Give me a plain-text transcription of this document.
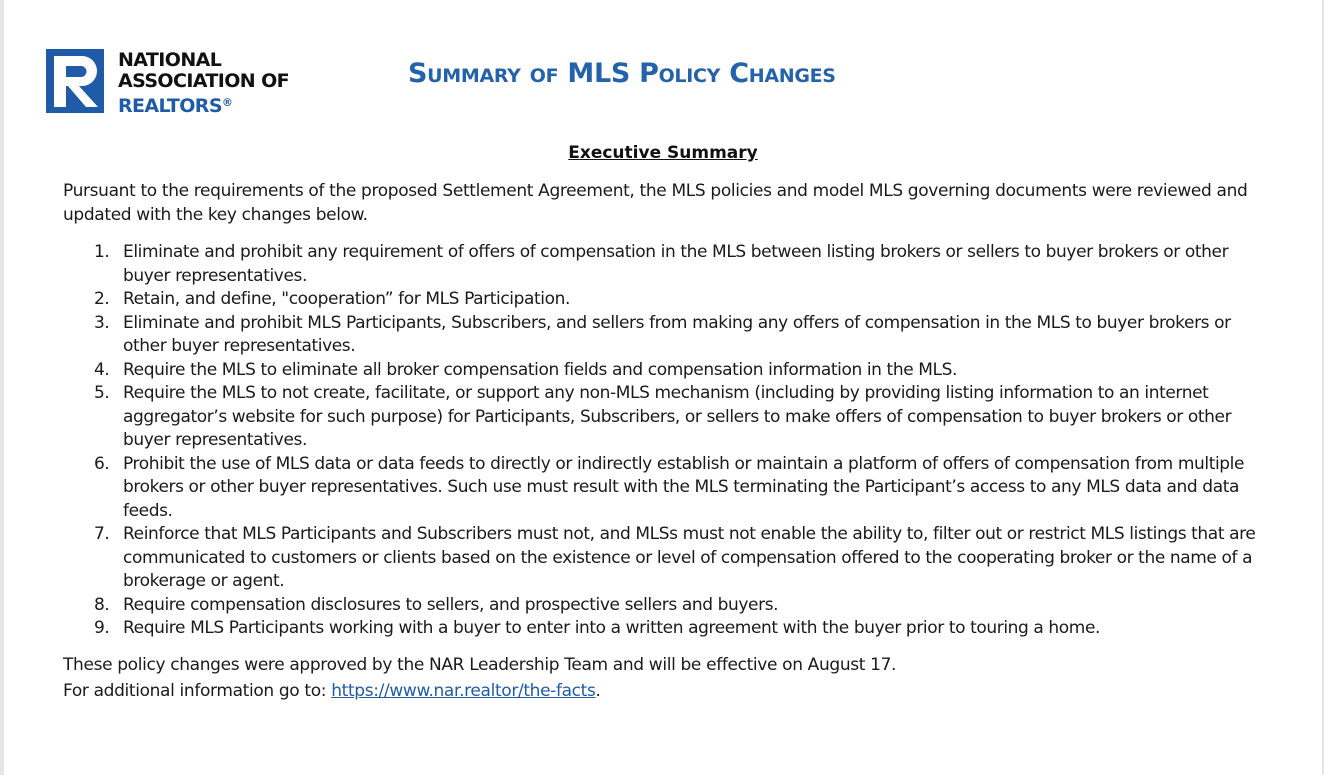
NATIONAL
ASSOCIATION OF
REALTORS®
Summary of MLS Policy Changes
Executive Summary

Pursuant to the requirements of the proposed Settlement Agreement, the MLS policies and model MLS governing documents were reviewed and updated with the key changes below.

1. Eliminate and prohibit any requirement of offers of compensation in the MLS between listing brokers or sellers to buyer brokers or other buyer representatives.
2. Retain, and define, "cooperation” for MLS Participation.
3. Eliminate and prohibit MLS Participants, Subscribers, and sellers from making any offers of compensation in the MLS to buyer brokers or other buyer representatives.
4. Require the MLS to eliminate all broker compensation fields and compensation information in the MLS.
5. Require the MLS to not create, facilitate, or support any non-MLS mechanism (including by providing listing information to an internet aggregator’s website for such purpose) for Participants, Subscribers, or sellers to make offers of compensation to buyer brokers or other buyer representatives.
6. Prohibit the use of MLS data or data feeds to directly or indirectly establish or maintain a platform of offers of compensation from multiple brokers or other buyer representatives. Such use must result with the MLS terminating the Participant’s access to any MLS data and data feeds.
7. Reinforce that MLS Participants and Subscribers must not, and MLSs must not enable the ability to, filter out or restrict MLS listings that are communicated to customers or clients based on the existence or level of compensation offered to the cooperating broker or the name of a brokerage or agent.
8. Require compensation disclosures to sellers, and prospective sellers and buyers.
9. Require MLS Participants working with a buyer to enter into a written agreement with the buyer prior to touring a home.
These policy changes were approved by the NAR Leadership Team and will be effective on August 17.
For additional information go to: https://www.nar.realtor/the-facts.
